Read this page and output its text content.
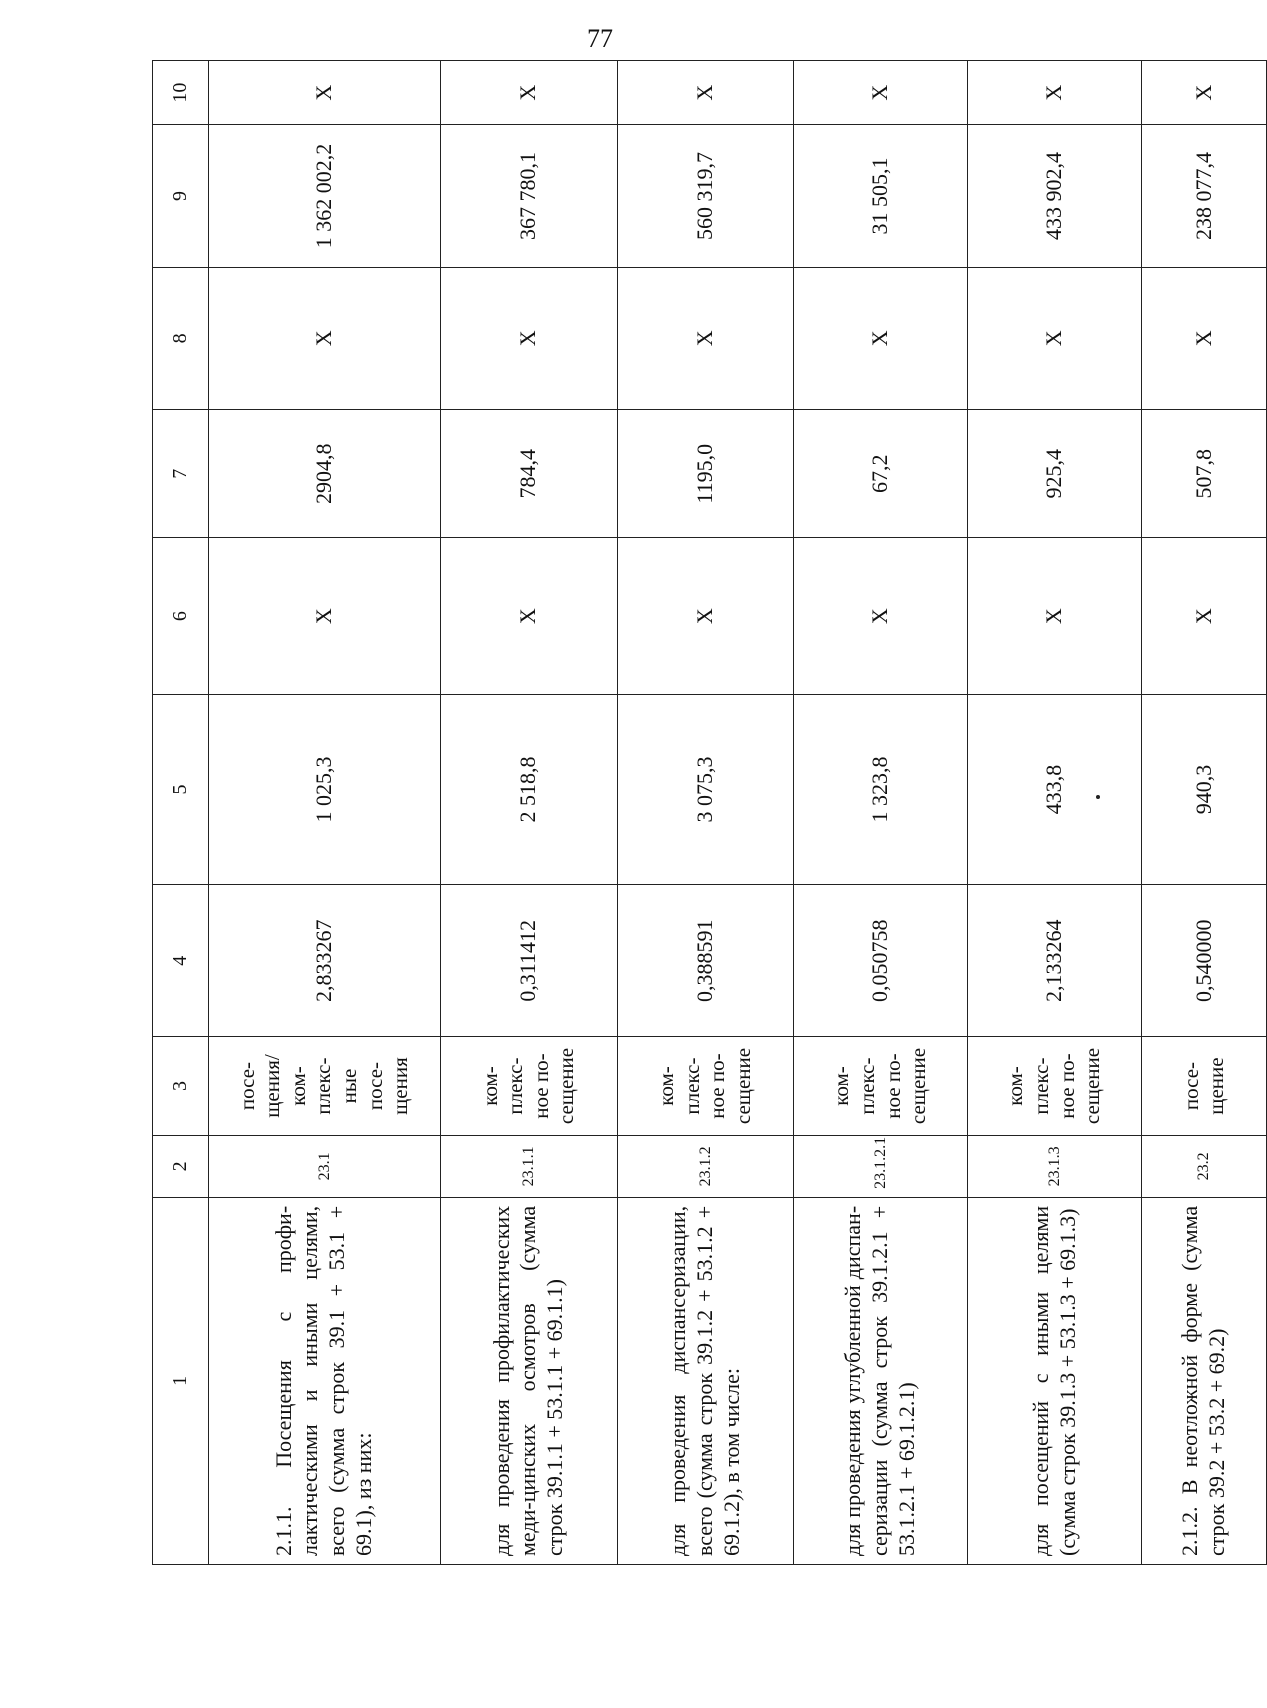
77
1	2	3	4	5	6	7	8	9	10
2.1.1. Посещения с профи-лактическими и иными целями, всего (сумма строк 39.1 + 53.1 + 69.1), из них:	23.1	посе-щения/ком-плекс-ные посе-щения	2,833267	1 025,3	X	2904,8	X	1 362 002,2	X
для проведения профилактических меди-цинских осмотров (сумма строк 39.1.1 + 53.1.1 + 69.1.1)	23.1.1	ком-плекс-ное по-сещение	0,311412	2 518,8	X	784,4	X	367 780,1	X
для проведения диспансеризации, всего (сумма строк 39.1.2 + 53.1.2 + 69.1.2), в том числе:	23.1.2	ком-плекс-ное по-сещение	0,388591	3 075,3	X	1195,0	X	560 319,7	X
для проведения углубленной диспан-серизации (сумма строк 39.1.2.1 + 53.1.2.1 + 69.1.2.1)	23.1.2.1	ком-плекс-ное по-сещение	0,050758	1 323,8	X	67,2	X	31 505,1	X
для посещений с иными целями (сумма строк 39.1.3 + 53.1.3 + 69.1.3)	23.1.3	ком-плекс-ное по-сещение	2,133264	433,8	X	925,4	X	433 902,4	X
2.1.2. В неотложной форме (сумма строк 39.2 + 53.2 + 69.2)	23.2	посе-щение	0,540000	940,3	X	507,8	X	238 077,4	X
